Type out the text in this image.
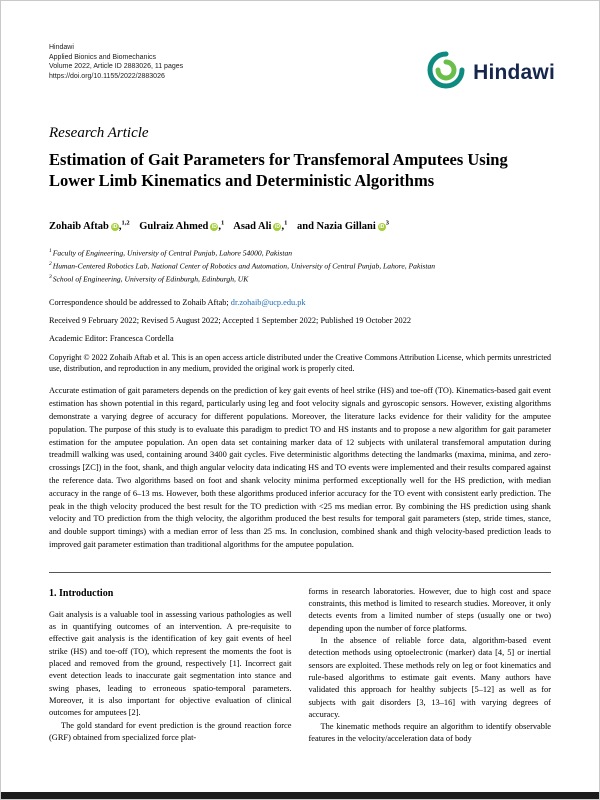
Hindawi
Applied Bionics and Biomechanics
Volume 2022, Article ID 2883026, 11 pages
https://doi.org/10.1155/2022/2883026	Hindawi
Research Article
Estimation of Gait Parameters for Transfemoral Amputees Using Lower Limb Kinematics and Deterministic Algorithms
Zohaib Aftab iD ,$^{1,2}$ Gulraiz Ahmed iD ,$^1$ Asad Ali iD ,$^1$ and Nazia Gillani $iD^3$
$^1$Faculty of Engineering, University of Central Punjab, Lahore 54000, Pakistan
$^2$Human-Centered Robotics Lab, National Center of Robotics and Automation, University of Central Punjab, Lahore, Pakistan
$^3$School of Engineering, University of Edinburgh, Edinburgh, UK
Correspondence should be addressed to Zohaib Aftab; dr.zohaib@ucp.edu.pk
Received 9 February 2022; Revised 5 August 2022; Accepted 1 September 2022; Published 19 October 2022
Academic Editor: Francesca Cordella
Copyright © 2022 Zohaib Aftab et al. This is an open access article distributed under the Creative Commons Attribution License, which permits unrestricted use, distribution, and reproduction in any medium, provided the original work is properly cited.
Accurate estimation of gait parameters depends on the prediction of key gait events of heel strike (HS) and toe-off (TO). Kinematics-based gait event estimation has shown potential in this regard, particularly using leg and foot velocity signals and gyroscopic sensors. However, existing algorithms demonstrate a varying degree of accuracy for different populations. Moreover, the literature lacks evidence for their validity for the amputee population. The purpose of this study is to evaluate this paradigm to predict TO and HS instants and to propose a new algorithm for gait parameter estimation for the amputee population. An open data set containing marker data of 12 subjects with unilateral transfemoral amputation during treadmill walking was used, containing around 3400 gait cycles. Five deterministic algorithms detecting the landmarks (maxima, minima, and zero-crossings [ZC]) in the foot, shank, and thigh angular velocity data indicating HS and TO events were implemented and their results compared against the reference data. Two algorithms based on foot and shank velocity minima performed exceptionally well for the HS prediction, with median accuracy in the range of 6–13 ms. However, both these algorithms produced inferior accuracy for the TO event with consistent early prediction. The peak in the thigh velocity produced the best result for the TO prediction with <25 ms median error. By combining the HS prediction using shank velocity and TO prediction from the thigh velocity, the algorithm produced the best results for temporal gait parameters (step, stride times, stance, and double support timings) with a median error of less than 25 ms. In conclusion, combined shank and thigh velocity-based prediction leads to improved gait parameter estimation than traditional algorithms for the amputee population.
1. Introduction

Gait analysis is a valuable tool in assessing various pathologies as well as in quantifying outcomes of an intervention. A pre-requisite to effective gait analysis is the identification of key gait events of heel strike (HS) and toe-off (TO), which represent the moments the foot is placed and removed from the ground, respectively [1]. Incorrect gait event detection leads to inaccurate gait segmentation into stance and swing phases, leading to erroneous spatio-temporal parameters. Moreover, it is also important for objective evaluation of clinical outcomes for amputees [2].

The gold standard for event prediction is the ground reaction force (GRF) obtained from specialized force plat-

forms in research laboratories. However, due to high cost and space constraints, this method is limited to research studies. Moreover, it only detects events from a limited number of steps (usually one or two) depending upon the number of force platforms.

In the absence of reliable force data, algorithm-based event detection methods using optoelectronic (marker) data [4, 5] or inertial sensors are exploited. These methods rely on leg or foot kinematics and rule-based algorithms to estimate gait events. Many authors have validated this approach for healthy subjects [5–12] as well as for subjects with gait disorders [3, 13–16] with varying degrees of accuracy.

The kinematic methods require an algorithm to identify observable features in the velocity/acceleration data of body
